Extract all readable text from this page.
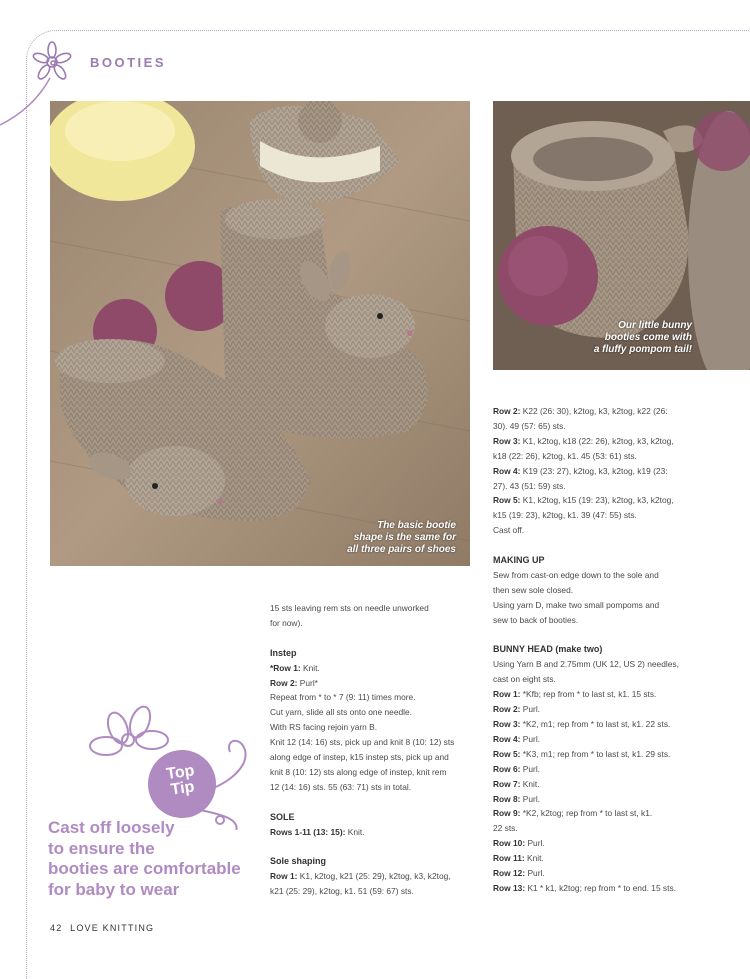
BOOTIES
The basic bootie
shape is the same for
all three pairs of shoes
Our little bunny
booties come with
a fluffy pompom tail!

15 sts leaving rem sts on needle unworked
for now).

Instep

*Row 1: Knit.

Row 2: Purl*

Repeat from * to * 7 (9: 11) times more.
Cut yarn, slide all sts onto one needle.
With RS facing rejoin yarn B.
Knit 12 (14: 16) sts, pick up and knit 8 (10: 12) sts
along edge of instep, k15 instep sts, pick up and
knit 8 (10: 12) sts along edge of instep, knit rem
12 (14: 16) sts. 55 (63: 71) sts in total.

SOLE

Rows 1-11 (13: 15): Knit.

Sole shaping

Row 1: K1, k2tog, k21 (25: 29), k2tog, k3, k2tog,
k21 (25: 29), k2tog, k1. 51 (59: 67) sts.

Row 2: K22 (26: 30), k2tog, k3, k2tog, k22 (26:
30). 49 (57: 65) sts.

Row 3: K1, k2tog, k18 (22: 26), k2tog, k3, k2tog,
k18 (22: 26), k2tog, k1. 45 (53: 61) sts.

Row 4: K19 (23: 27), k2tog, k3, k2tog, k19 (23:
27). 43 (51: 59) sts.

Row 5: K1, k2tog, k15 (19: 23), k2tog, k3, k2tog,
k15 (19: 23), k2tog, k1. 39 (47: 55) sts.

Cast off.

MAKING UP

Sew from cast-on edge down to the sole and
then sew sole closed.
Using yarn D, make two small pompoms and
sew to back of booties.

BUNNY HEAD (make two)

Using Yarn B and 2.75mm (UK 12, US 2) needles,
cast on eight sts.

Row 1: *Kfb; rep from * to last st, k1. 15 sts.

Row 2: Purl.

Row 3: *K2, m1; rep from * to last st, k1. 22 sts.

Row 4: Purl.

Row 5: *K3, m1; rep from * to last st, k1. 29 sts.

Row 6: Purl.

Row 7: Knit.

Row 8: Purl.

Row 9: *K2, k2tog; rep from * to last st, k1.
22 sts.

Row 10: Purl.

Row 11: Knit.

Row 12: Purl.

Row 13: K1 * k1, k2tog; rep from * to end. 15 sts.

Top
Tip
Cast off loosely
to ensure the
booties are comfortable
for baby to wear
42 LOVE KNITTING
